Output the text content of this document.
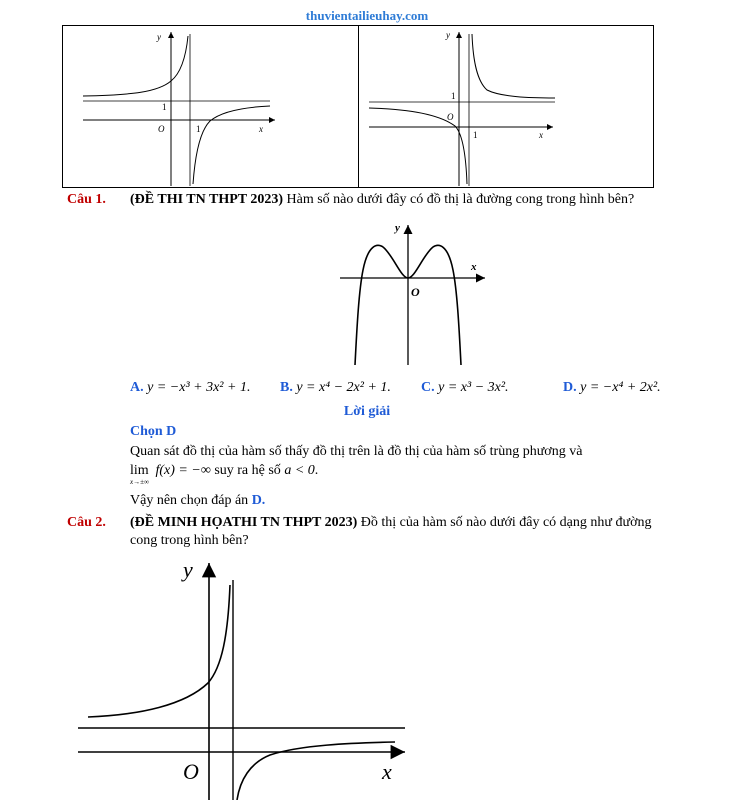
thuvientailieuhay.com
y
x
O
1
1
y
x
O
1
1
Câu 1. (ĐỀ THI TN THPT 2023) Hàm số nào dưới đây có đồ thị là đường cong trong hình bên?
y
x
O
A. y = −x³ + 3x² + 1. B. y = x⁴ − 2x² + 1. C. y = x³ − 3x².	D. y = −x⁴ + 2x².
Lời giải
Chọn D
Quan sát đồ thị của hàm số thấy đồ thị trên là đồ thị của hàm số trùng phương và
lim
x→±∞
f(x) = −∞ suy ra hệ số a < 0.
Vậy nên chọn đáp án D.
Câu 2. (ĐỀ MINH HỌATHI TN THPT 2023) Đồ thị của hàm số nào dưới đây có dạng như đường
cong trong hình bên?
y
x
O
